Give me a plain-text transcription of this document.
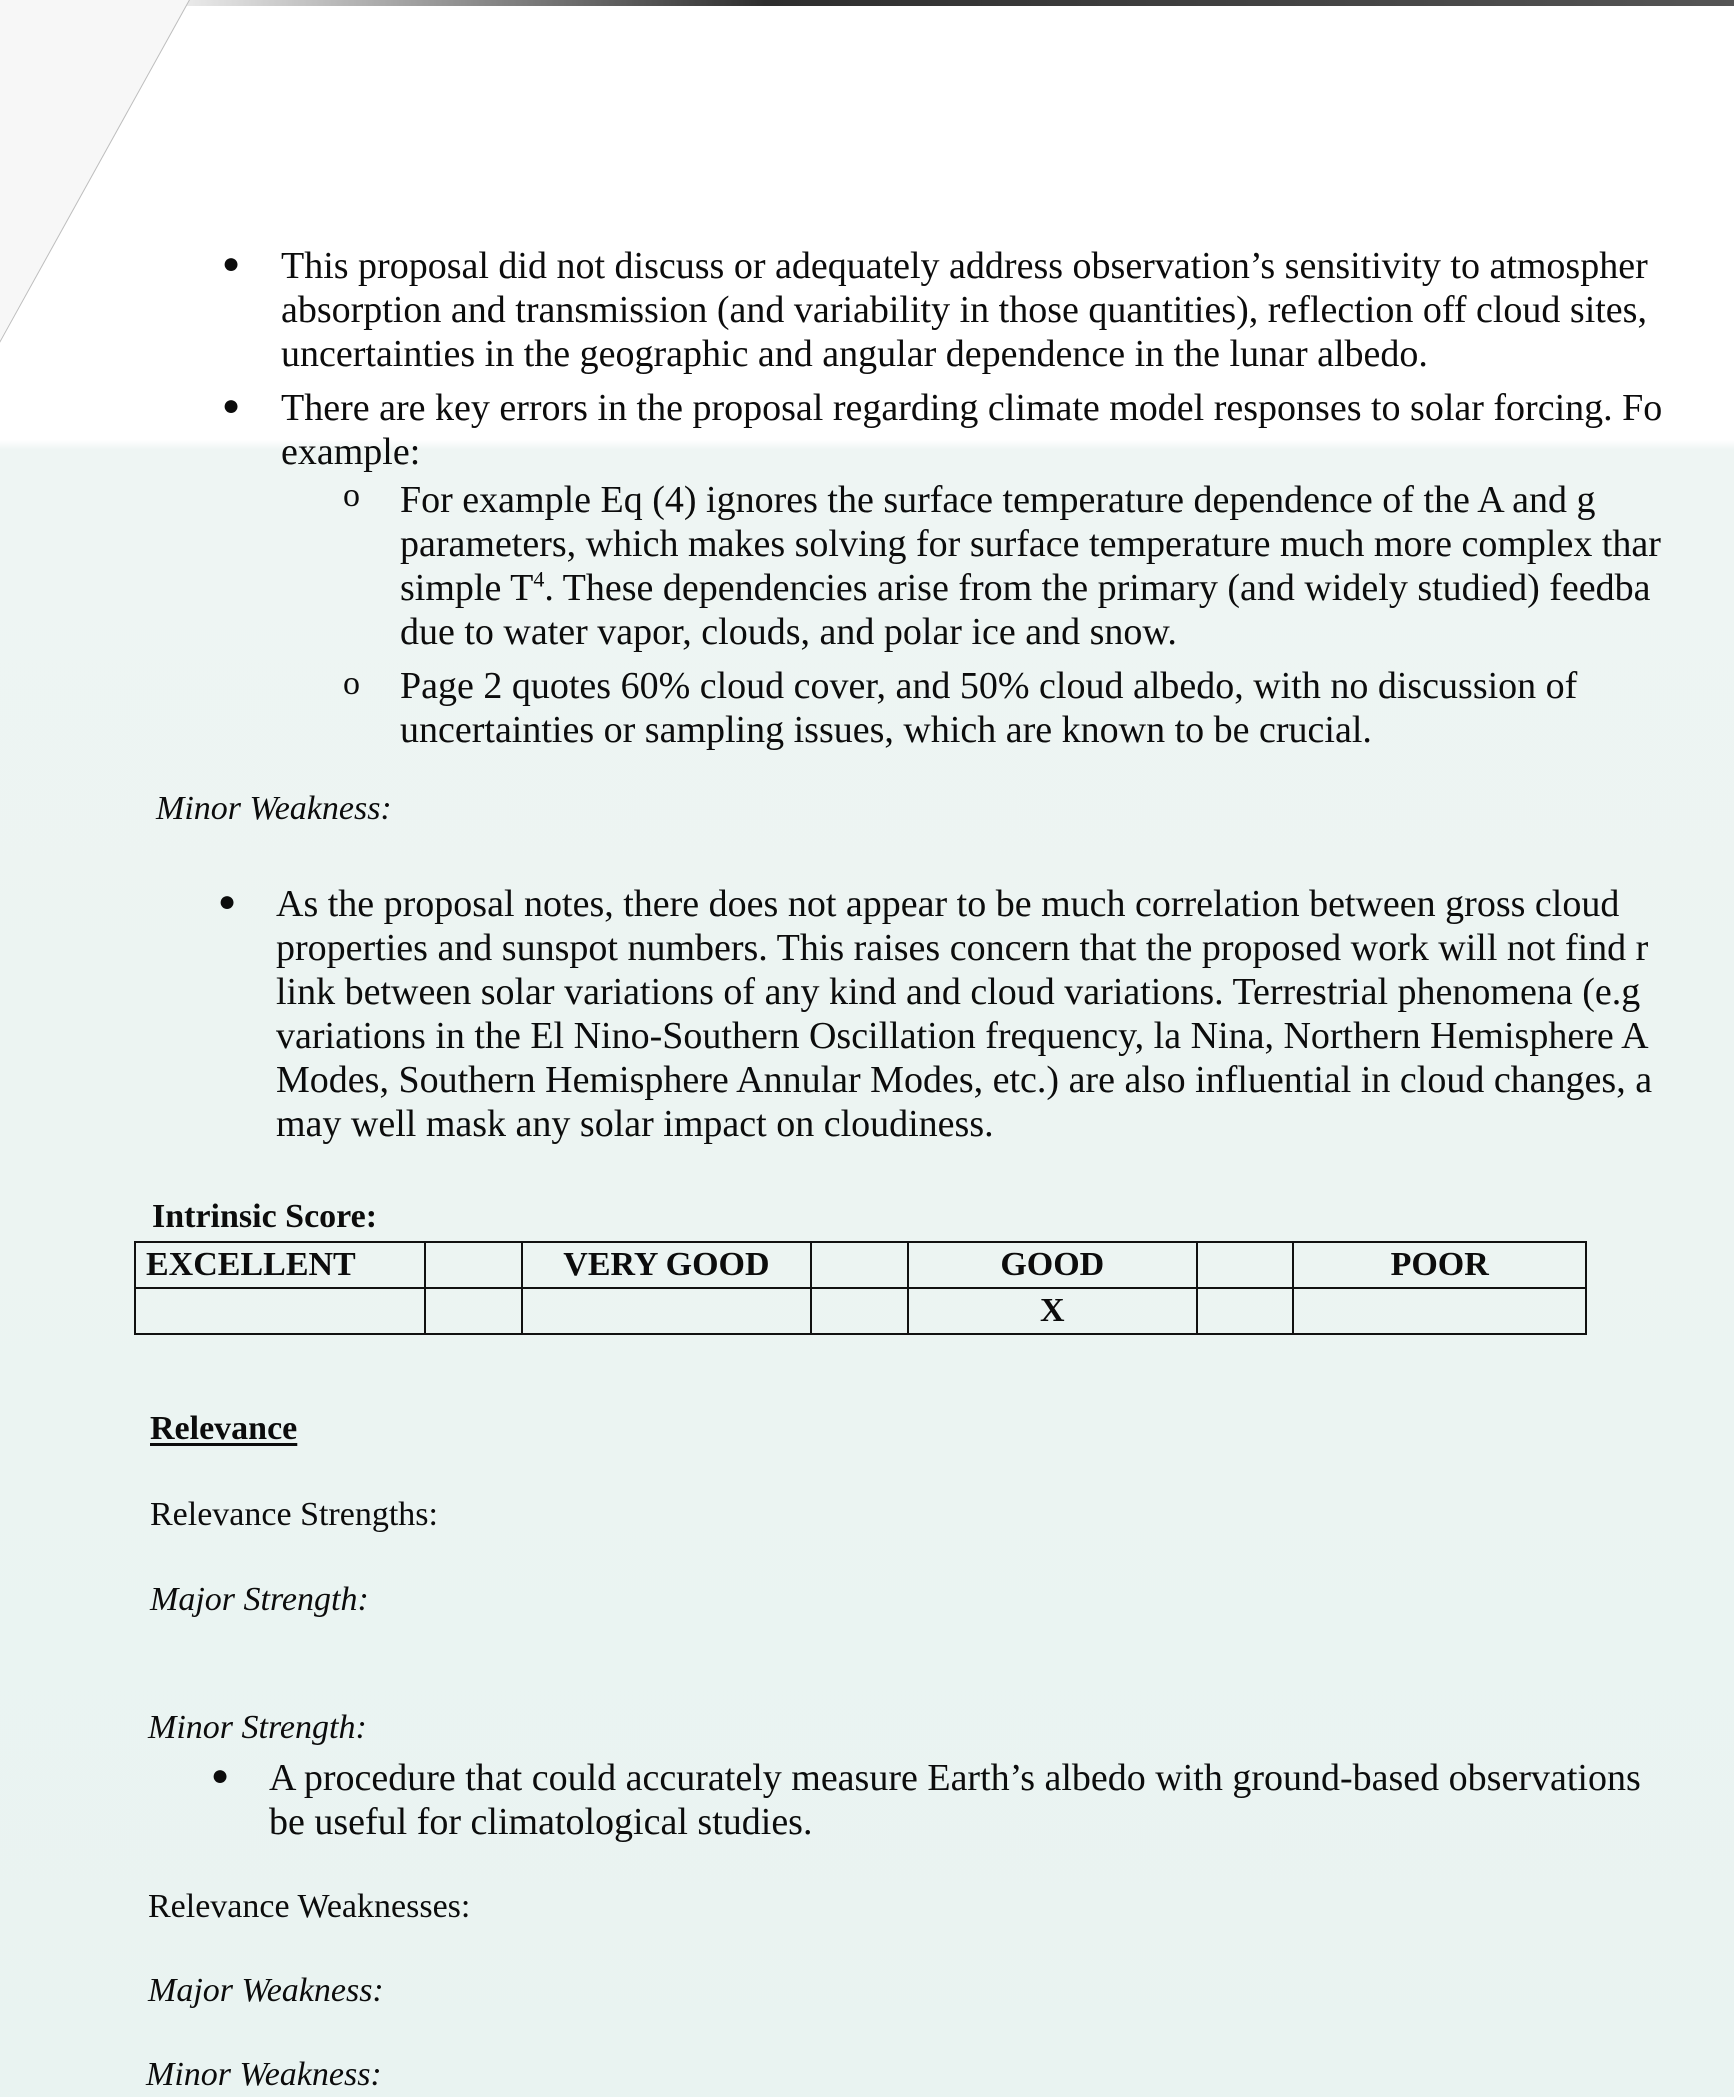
● This proposal did not discuss or adequately address observation’s sensitivity to atmospher
absorption and transmission (and variability in those quantities), reflection off cloud sites,
uncertainties in the geographic and angular dependence in the lunar albedo.
● There are key errors in the proposal regarding climate model responses to solar forcing. Fo
example:
o For example Eq (4) ignores the surface temperature dependence of the A and g
parameters, which makes solving for surface temperature much more complex thar
simple $T^4$. These dependencies arise from the primary (and widely studied) feedba
due to water vapor, clouds, and polar ice and snow.
o Page 2 quotes 60% cloud cover, and 50% cloud albedo, with no discussion of
uncertainties or sampling issues, which are known to be crucial.
Minor Weakness:
● As the proposal notes, there does not appear to be much correlation between gross cloud
properties and sunspot numbers. This raises concern that the proposed work will not find r
link between solar variations of any kind and cloud variations. Terrestrial phenomena (e.g
variations in the El Nino-Southern Oscillation frequency, la Nina, Northern Hemisphere A
Modes, Southern Hemisphere Annular Modes, etc.) are also influential in cloud changes, a
may well mask any solar impact on cloudiness.
Intrinsic Score:
EXCELLENT		VERY GOOD		GOOD		POOR
				X		
Relevance
Relevance Strengths:
Major Strength:
Minor Strength:
● A procedure that could accurately measure Earth’s albedo with ground-based observations
be useful for climatological studies.
Relevance Weaknesses:
Major Weakness:
Minor Weakness:
